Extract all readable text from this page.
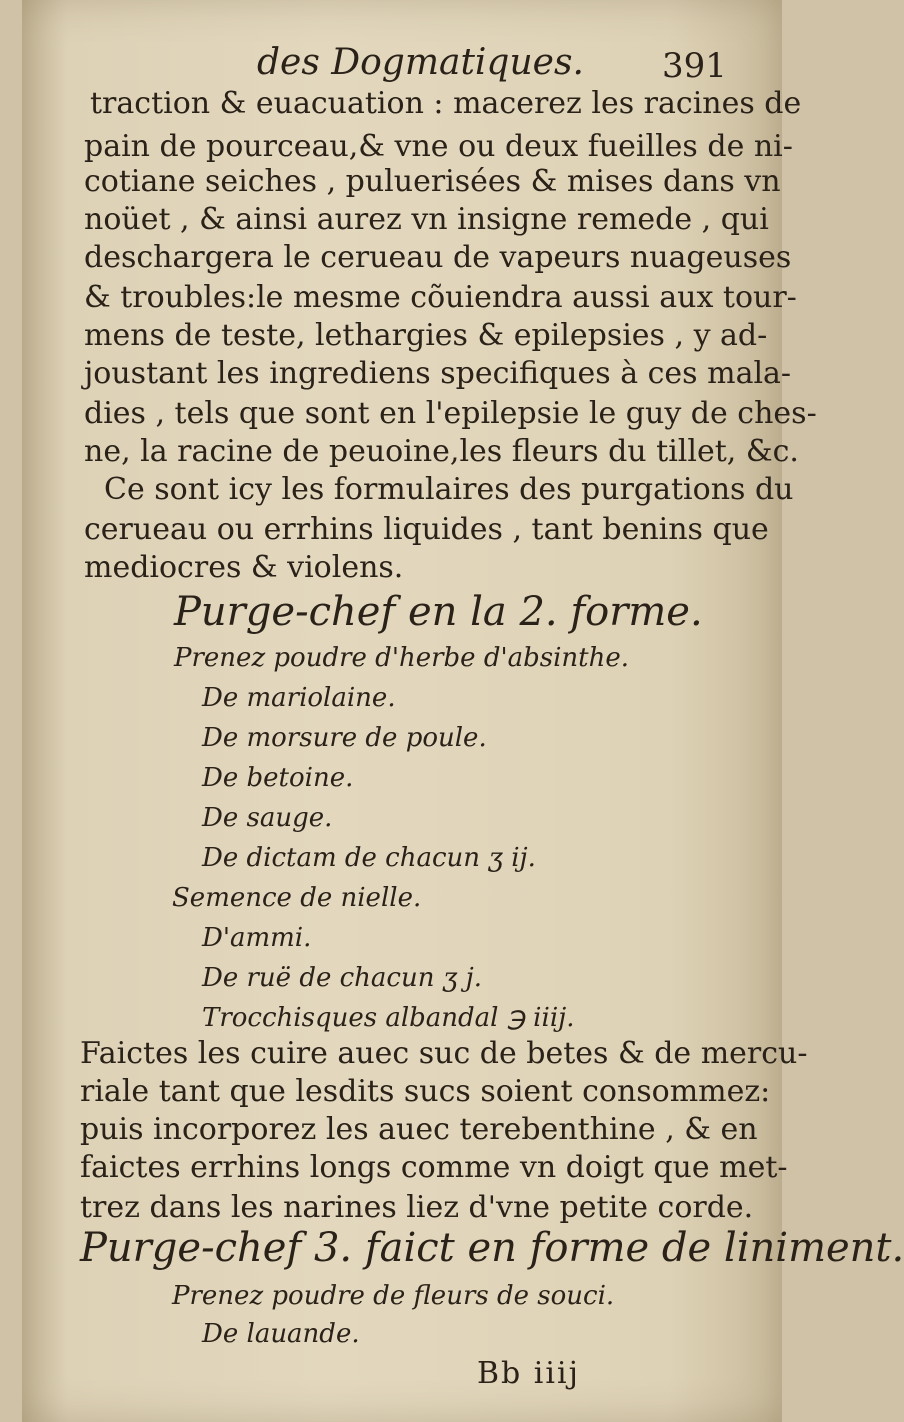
des Dogmatiques. 391

traction & euacuation : macerez les racines de

pain de pourceau,& vne ou deux fueilles de ni-

cotiane seiches , puluerisées & mises dans vn

noüet , & ainsi aurez vn insigne remede , qui

deschargera le cerueau de vapeurs nuageuses

& troubles:le mesme cõuiendra aussi aux tour-

mens de teste, lethargies & epilepsies , y ad-

joustant les ingrediens specifiques à ces mala-

dies , tels que sont en l'epilepsie le guy de ches-

ne, la racine de peuoine,les fleurs du tillet, &c.

Ce sont icy les formulaires des purgations du

cerueau ou errhins liquides , tant benins que

mediocres & violens.

Purge-chef en la 2. forme.

Prenez poudre d'herbe d'absinthe.

De mariolaine.

De morsure de poule.

De betoine.

De sauge.

De dictam de chacun ʒ ij.

Semence de nielle.

D'ammi.

De ruë de chacun ʒ j.

Trocchisques albandal ℈ iiij.

Faictes les cuire auec suc de betes & de mercu-

riale tant que lesdits sucs soient consommez:

puis incorporez les auec terebenthine , & en

faictes errhins longs comme vn doigt que met-

trez dans les narines liez d'vne petite corde.

Purge-chef 3. faict en forme de liniment.

Prenez poudre de fleurs de souci.

De lauande.

Bb iiij
